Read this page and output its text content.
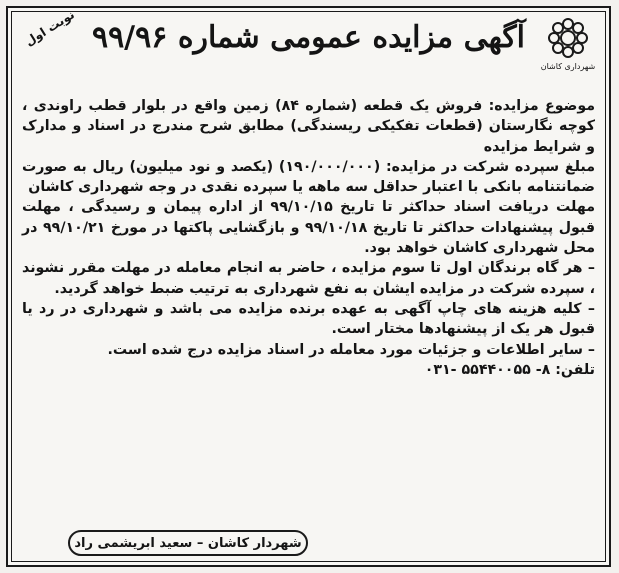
نوبت اول آگهی مزایده عمومی شماره ۹۹/۹۶
شهرداری کاشان

موضوع مزایده: فروش یک قطعه (شماره ۸۴) زمین واقع در بلوار قطب راوندی ، کوچه نگارستان (قطعات تفکیکی ریسندگی) مطابق شرح مندرج در اسناد و مدارک و شرایط مزایده

مبلغ سپرده شرکت در مزایده: (۱۹۰/۰۰۰/۰۰۰) (یکصد و نود میلیون) ریال به صورت ضمانتنامه بانکی با اعتبار حداقل سه ماهه یا سپرده نقدی در وجه شهرداری کاشان

مهلت دریافت اسناد حداکثر تا تاریخ ۹۹/۱۰/۱۵ از اداره پیمان و رسیدگی ، مهلت قبول پیشنهادات حداکثر تا تاریخ ۹۹/۱۰/۱۸ و بازگشایی پاکتها در مورخ ۹۹/۱۰/۲۱ در محل شهرداری کاشان خواهد بود.

– هر گاه برندگان اول تا سوم مزایده ، حاضر به انجام معامله در مهلت مقرر نشوند ، سپرده شرکت در مزایده ایشان به نفع شهرداری به ترتیب ضبط خواهد گردید.

– کلیه هزینه های چاپ آگهی به عهده برنده مزایده می باشد و شهرداری در رد یا قبول هر یک از پیشنهادها مختار است.

– سایر اطلاعات و جزئیات مورد معامله در اسناد مزایده درج شده است.

تلفن: ۸- ۵۵۴۴۰۰۵۵ -۰۳۱

شهردار کاشان – سعید ابریشمی راد
